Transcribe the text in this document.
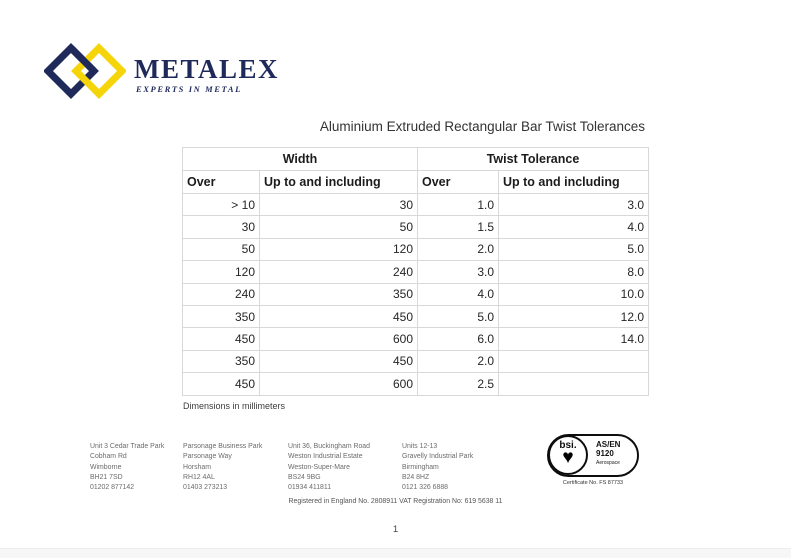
METALEX
EXPERTS IN METAL
Aluminium Extruded Rectangular Bar Twist Tolerances
Width		Twist Tolerance	
Over	Up to and including	Over	Up to and including
> 10	30	1.0	3.0
30	50	1.5	4.0
50	120	2.0	5.0
120	240	3.0	8.0
240	350	4.0	10.0
350	450	5.0	12.0
450	600	6.0	14.0
350	450	2.0	
450	600	2.5	
Dimensions in millimeters
Unit 3 Cedar Trade Park
Cobham Rd
Wimborne
BH21 7SD
01202 877142
Parsonage Business Park
Parsonage Way
Horsham
RH12 4AL
01403 273213
Unit 36, Buckingham Road
Weston Industrial Estate
Weston-Super-Mare
BS24 9BG
01934 411811
Units 12-13
Gravelly Industrial Park
Birmingham
B24 8HZ
0121 326 6888
bsi.
♥
AS/EN
9120
Aerospace
Certificate No. FS 87733
Registered in England No. 2808911 VAT Registration No: 619 5638 11
1
